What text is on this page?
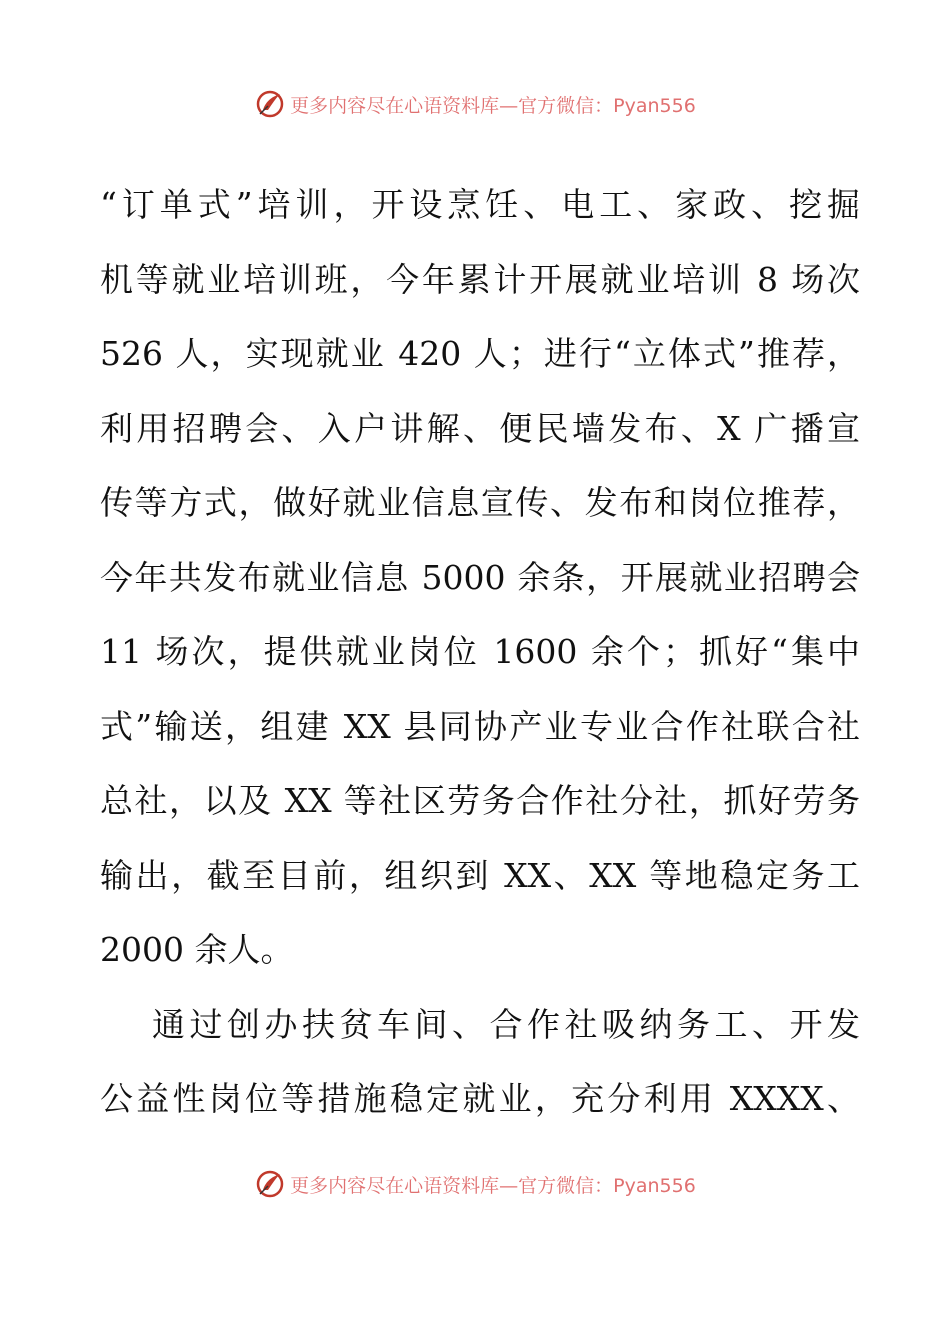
更多内容尽在心语资料库—官方微信：Pyan556
“订单式”培训，开设烹饪、电工、家政、挖掘
机等就业培训班，今年累计开展就业培训 8 场次
526 人，实现就业 420 人；进行“立体式”推荐，
利用招聘会、入户讲解、便民墙发布、X 广播宣
传等方式，做好就业信息宣传、发布和岗位推荐，
今年共发布就业信息 5000 余条，开展就业招聘会
11 场次，提供就业岗位 1600 余个；抓好“集中
式”输送，组建 XX 县同协产业专业合作社联合社
总社，以及 XX 等社区劳务合作社分社，抓好劳务
输出，截至目前，组织到 XX、XX 等地稳定务工
2000 余人。
通过创办扶贫车间、合作社吸纳务工、开发
公益性岗位等措施稳定就业，充分利用 XXXX、
更多内容尽在心语资料库—官方微信：Pyan556
